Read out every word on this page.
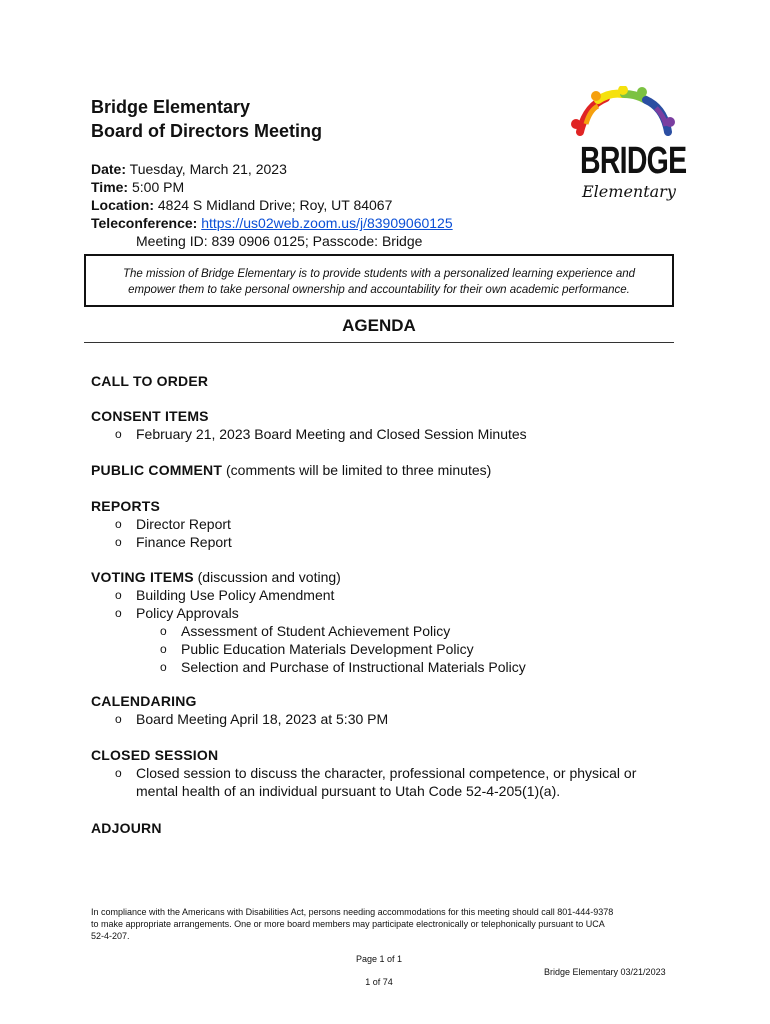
Bridge Elementary
Board of Directors Meeting
BRIDGE
Elementary
Date: Tuesday, March 21, 2023
Time: 5:00 PM
Location: 4824 S Midland Drive; Roy, UT 84067
Teleconference: https://us02web.zoom.us/j/83909060125
Meeting ID: 839 0906 0125; Passcode: Bridge
The mission of Bridge Elementary is to provide students with a personalized learning experience and
empower them to take personal ownership and accountability for their own academic performance.
AGENDA
CALL TO ORDER
CONSENT ITEMS
o February 21, 2023 Board Meeting and Closed Session Minutes
PUBLIC COMMENT (comments will be limited to three minutes)
REPORTS
o Director Report
o Finance Report
VOTING ITEMS (discussion and voting)
o Building Use Policy Amendment
o Policy Approvals
o Assessment of Student Achievement Policy
o Public Education Materials Development Policy
o Selection and Purchase of Instructional Materials Policy
CALENDARING
o Board Meeting April 18, 2023 at 5:30 PM
CLOSED SESSION
o Closed session to discuss the character, professional competence, or physical or
mental health of an individual pursuant to Utah Code 52-4-205(1)(a).
ADJOURN
In compliance with the Americans with Disabilities Act, persons needing accommodations for this meeting should call 801-444-9378
to make appropriate arrangements. One or more board members may participate electronically or telephonically pursuant to UCA
52-4-207.
Page 1 of 1
Bridge Elementary 03/21/2023
1 of 74
